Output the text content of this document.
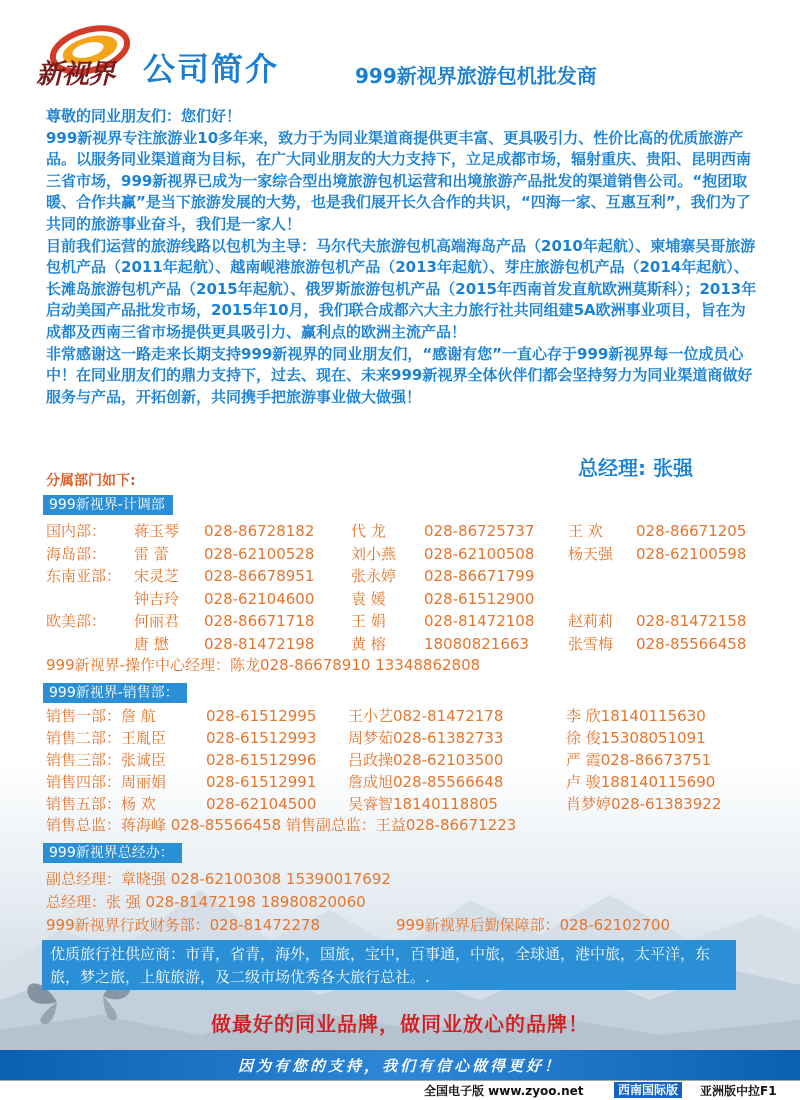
新视界 公司简介	999新视界旅游包机批发商

尊敬的同业朋友们：您们好！

999新视界专注旅游业10多年来，致力于为同业渠道商提供更丰富、更具吸引力、性价比高的优质旅游产品。以服务同业渠道商为目标，在广大同业朋友的大力支持下，立足成都市场，辐射重庆、贵阳、昆明西南三省市场，999新视界已成为一家综合型出境旅游包机运营和出境旅游产品批发的渠道销售公司。“抱团取暖、合作共赢”是当下旅游发展的大势，也是我们展开长久合作的共识，“四海一家、互惠互利”，我们为了共同的旅游事业奋斗，我们是一家人！

目前我们运营的旅游线路以包机为主导：马尔代夫旅游包机高端海岛产品（2010年起航）、柬埔寨吴哥旅游包机产品（2011年起航）、越南岘港旅游包机产品（2013年起航）、芽庄旅游包机产品（2014年起航）、长滩岛旅游包机产品（2015年起航）、俄罗斯旅游包机产品（2015年西南首发直航欧洲莫斯科）；2013年启动美国产品批发市场，2015年10月，我们联合成都六大主力旅行社共同组建5A欧洲事业项目，旨在为成都及西南三省市场提供更具吸引力、赢利点的欧洲主流产品！

非常感谢这一路走来长期支持999新视界的同业朋友们，“感谢有您”一直心存于999新视界每一位成员心中！在同业朋友们的鼎力支持下，过去、现在、未来999新视界全体伙伴们都会坚持努力为同业渠道商做好服务与产品，开拓创新，共同携手把旅游事业做大做强！

总经理: 张强
分属部门如下:
999新视界-计调部
国内部： 蒋玉琴 028-86728182 代 龙	028-86725737 王 欢 028-86671205
海岛部： 雷 蕾 028-62100528 刘小燕 028-62100508 杨天强 028-62100598
东南亚部： 宋灵芝 028-86678951 张永婷 028-86671799
钟吉玲 028-62104600 袁 媛	028-61512900
欧美部： 何丽君 028-86671718 王 娟	028-81472108 赵莉莉 028-81472158
唐 懋 028-81472198 黄 榕	18080821663	张雪梅 028-85566458
999新视界-操作中心经理：陈龙028-86678910 13348862808
999新视界-销售部：
销售一部：詹 航	028-61512995 王小艺082-81472178	李 欣18140115630
销售二部：王胤臣	028-61512993 周梦茹028-61382733	徐 俊15308051091
销售三部：张诚臣	028-61512996 吕政操028-62103500	严 霞028-86673751
销售四部：周丽娟	028-61512991 詹成旭028-85566648	卢 骏188140115690
销售五部：杨 欢	028-62104500 吴睿智18140118805	肖梦婷028-61383922
销售总监：蒋海峰 028-85566458 销售副总监：王益028-86671223
999新视界总经办：
副总经理：章晓强 028-62100308 15390017692
总经理：张 强 028-81472198 18980820060
999新视界行政财务部：028-81472278	999新视界后勤保障部：028-62102700
优质旅行社供应商：市青，省青，海外，国旅，宝中，百事通，中旅，全球通，港中旅，太平洋，东旅，梦之旅，上航旅游，及二级市场优秀各大旅行总社。.
做最好的同业品牌，做同业放心的品牌！
因为有您的支持，我们有信心做得更好！
全国电子版 www.zyoo.net	西南国际版	亚洲版中拉F1
